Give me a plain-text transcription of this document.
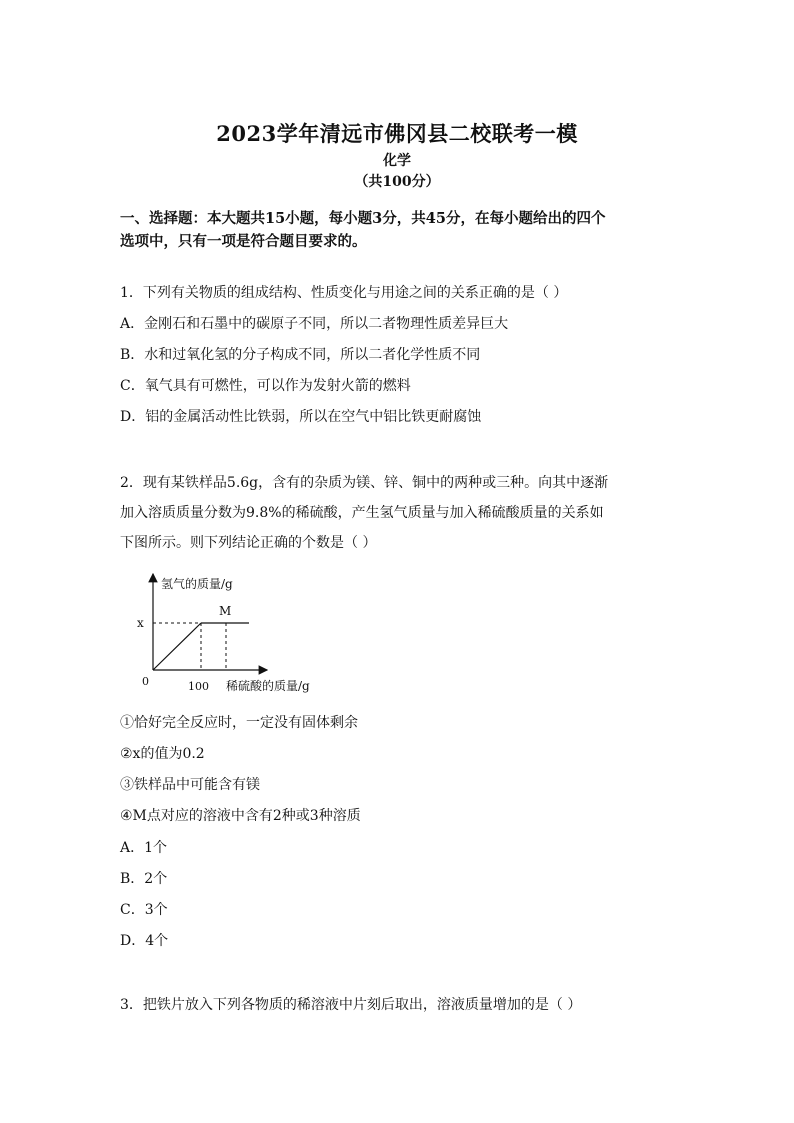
2023学年清远市佛冈县二校联考一模
化学
（共100分）
一、选择题：本大题共15小题，每小题3分，共45分，在每小题给出的四个
选项中，只有一项是符合题目要求的。
1．下列有关物质的组成结构、性质变化与用途之间的关系正确的是（ ）
A．金刚石和石墨中的碳原子不同，所以二者物理性质差异巨大
B．水和过氧化氢的分子构成不同，所以二者化学性质不同
C．氧气具有可燃性，可以作为发射火箭的燃料
D．铝的金属活动性比铁弱，所以在空气中铝比铁更耐腐蚀
2．现有某铁样品5.6g，含有的杂质为镁、锌、铜中的两种或三种。向其中逐渐
加入溶质质量分数为9.8%的稀硫酸，产生氢气质量与加入稀硫酸质量的关系如
下图所示。则下列结论正确的个数是（ ）
氢气的质量/g
M
x
0	100 稀硫酸的质量/g
①恰好完全反应时，一定没有固体剩余
②x的值为0.2
③铁样品中可能含有镁
④M点对应的溶液中含有2种或3种溶质
A．1个
B．2个
C．3个
D．4个
3．把铁片放入下列各物质的稀溶液中片刻后取出，溶液质量增加的是（ ）
